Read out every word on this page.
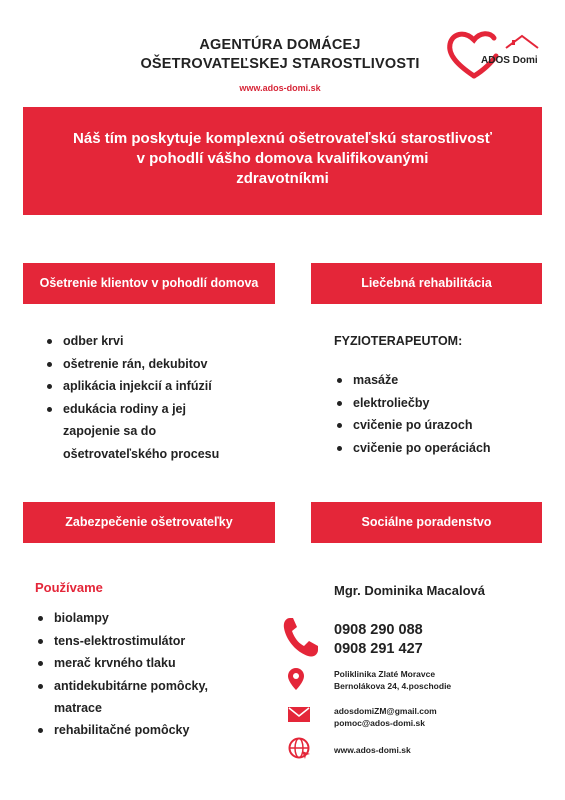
AGENTÚRA DOMÁCEJ
OŠETROVATEĽSKEJ STAROSTLIVOSTI
www.ados-domi.sk
ADOS Domi
Náš tím poskytuje komplexnú ošetrovateľskú starostlivosť
v pohodlí vášho domova kvalifikovanými
zdravotníkmi
Ošetrenie klientov v pohodlí domova	Liečebná rehabilitácia
Zabezpečenie ošetrovateľky	Sociálne poradenstvo
odber krvi
ošetrenie rán, dekubitov
aplikácia injekcií a infúzií
edukácia rodiny a jej
zapojenie sa do
ošetrovateľského procesu
FYZIOTERAPEUTOM:
masáže
elektroliečby
cvičenie po úrazoch
cvičenie po operáciách
Používame
biolampy
tens-elektrostimulátor
merač krvného tlaku
antidekubitárne pomôcky,
matrace
rehabilitačné pomôcky
Mgr. Dominika Macalová
0908 290 088
0908 291 427
Poliklinika Zlaté Moravce
Bernolákova 24, 4.poschodie
adosdomiZM@gmail.com
pomoc@ados-domi.sk
www.ados-domi.sk
